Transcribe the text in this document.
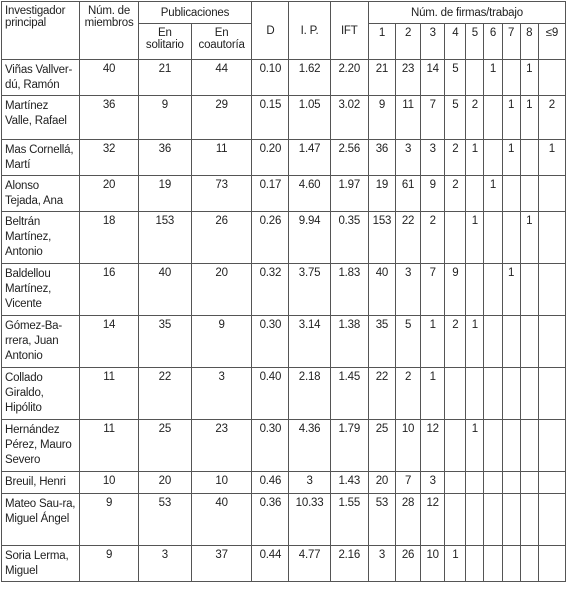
Investigador principal	Núm. de miembros	Publicaciones		D	I. P.	IFT	Núm. de firmas/trabajo								
		En solitario	En coautoría				1	2	3	4	5	6	7	8	≤9
Viñas Vallver-dú, Ramón	40	21	44	0.10	1.62	2.20	21	23	14	5		1		1	
Martínez Valle, Rafael	36	9	29	0.15	1.05	3.02	9	11	7	5	2		1	1	2
Mas Cornellá, Martí	32	36	11	0.20	1.47	2.56	36	3	3	2	1		1		1
Alonso Tejada, Ana	20	19	73	0.17	4.60	1.97	19	61	9	2		1			
Beltrán Martínez, Antonio	18	153	26	0.26	9.94	0.35	153	22	2		1			1	
Baldellou Martínez, Vicente	16	40	20	0.32	3.75	1.83	40	3	7	9			1		
Gómez-Ba-rrera, Juan Antonio	14	35	9	0.30	3.14	1.38	35	5	1	2	1				
Collado Giraldo, Hipólito	11	22	3	0.40	2.18	1.45	22	2	1						
Hernández Pérez, Mauro Severo	11	25	23	0.30	4.36	1.79	25	10	12		1				
Breuil, Henri	10	20	10	0.46	3	1.43	20	7	3						
Mateo Sau-ra, Miguel Ángel	9	53	40	0.36	10.33	1.55	53	28	12						
Soria Lerma, Miguel	9	3	37	0.44	4.77	2.16	3	26	10	1					
